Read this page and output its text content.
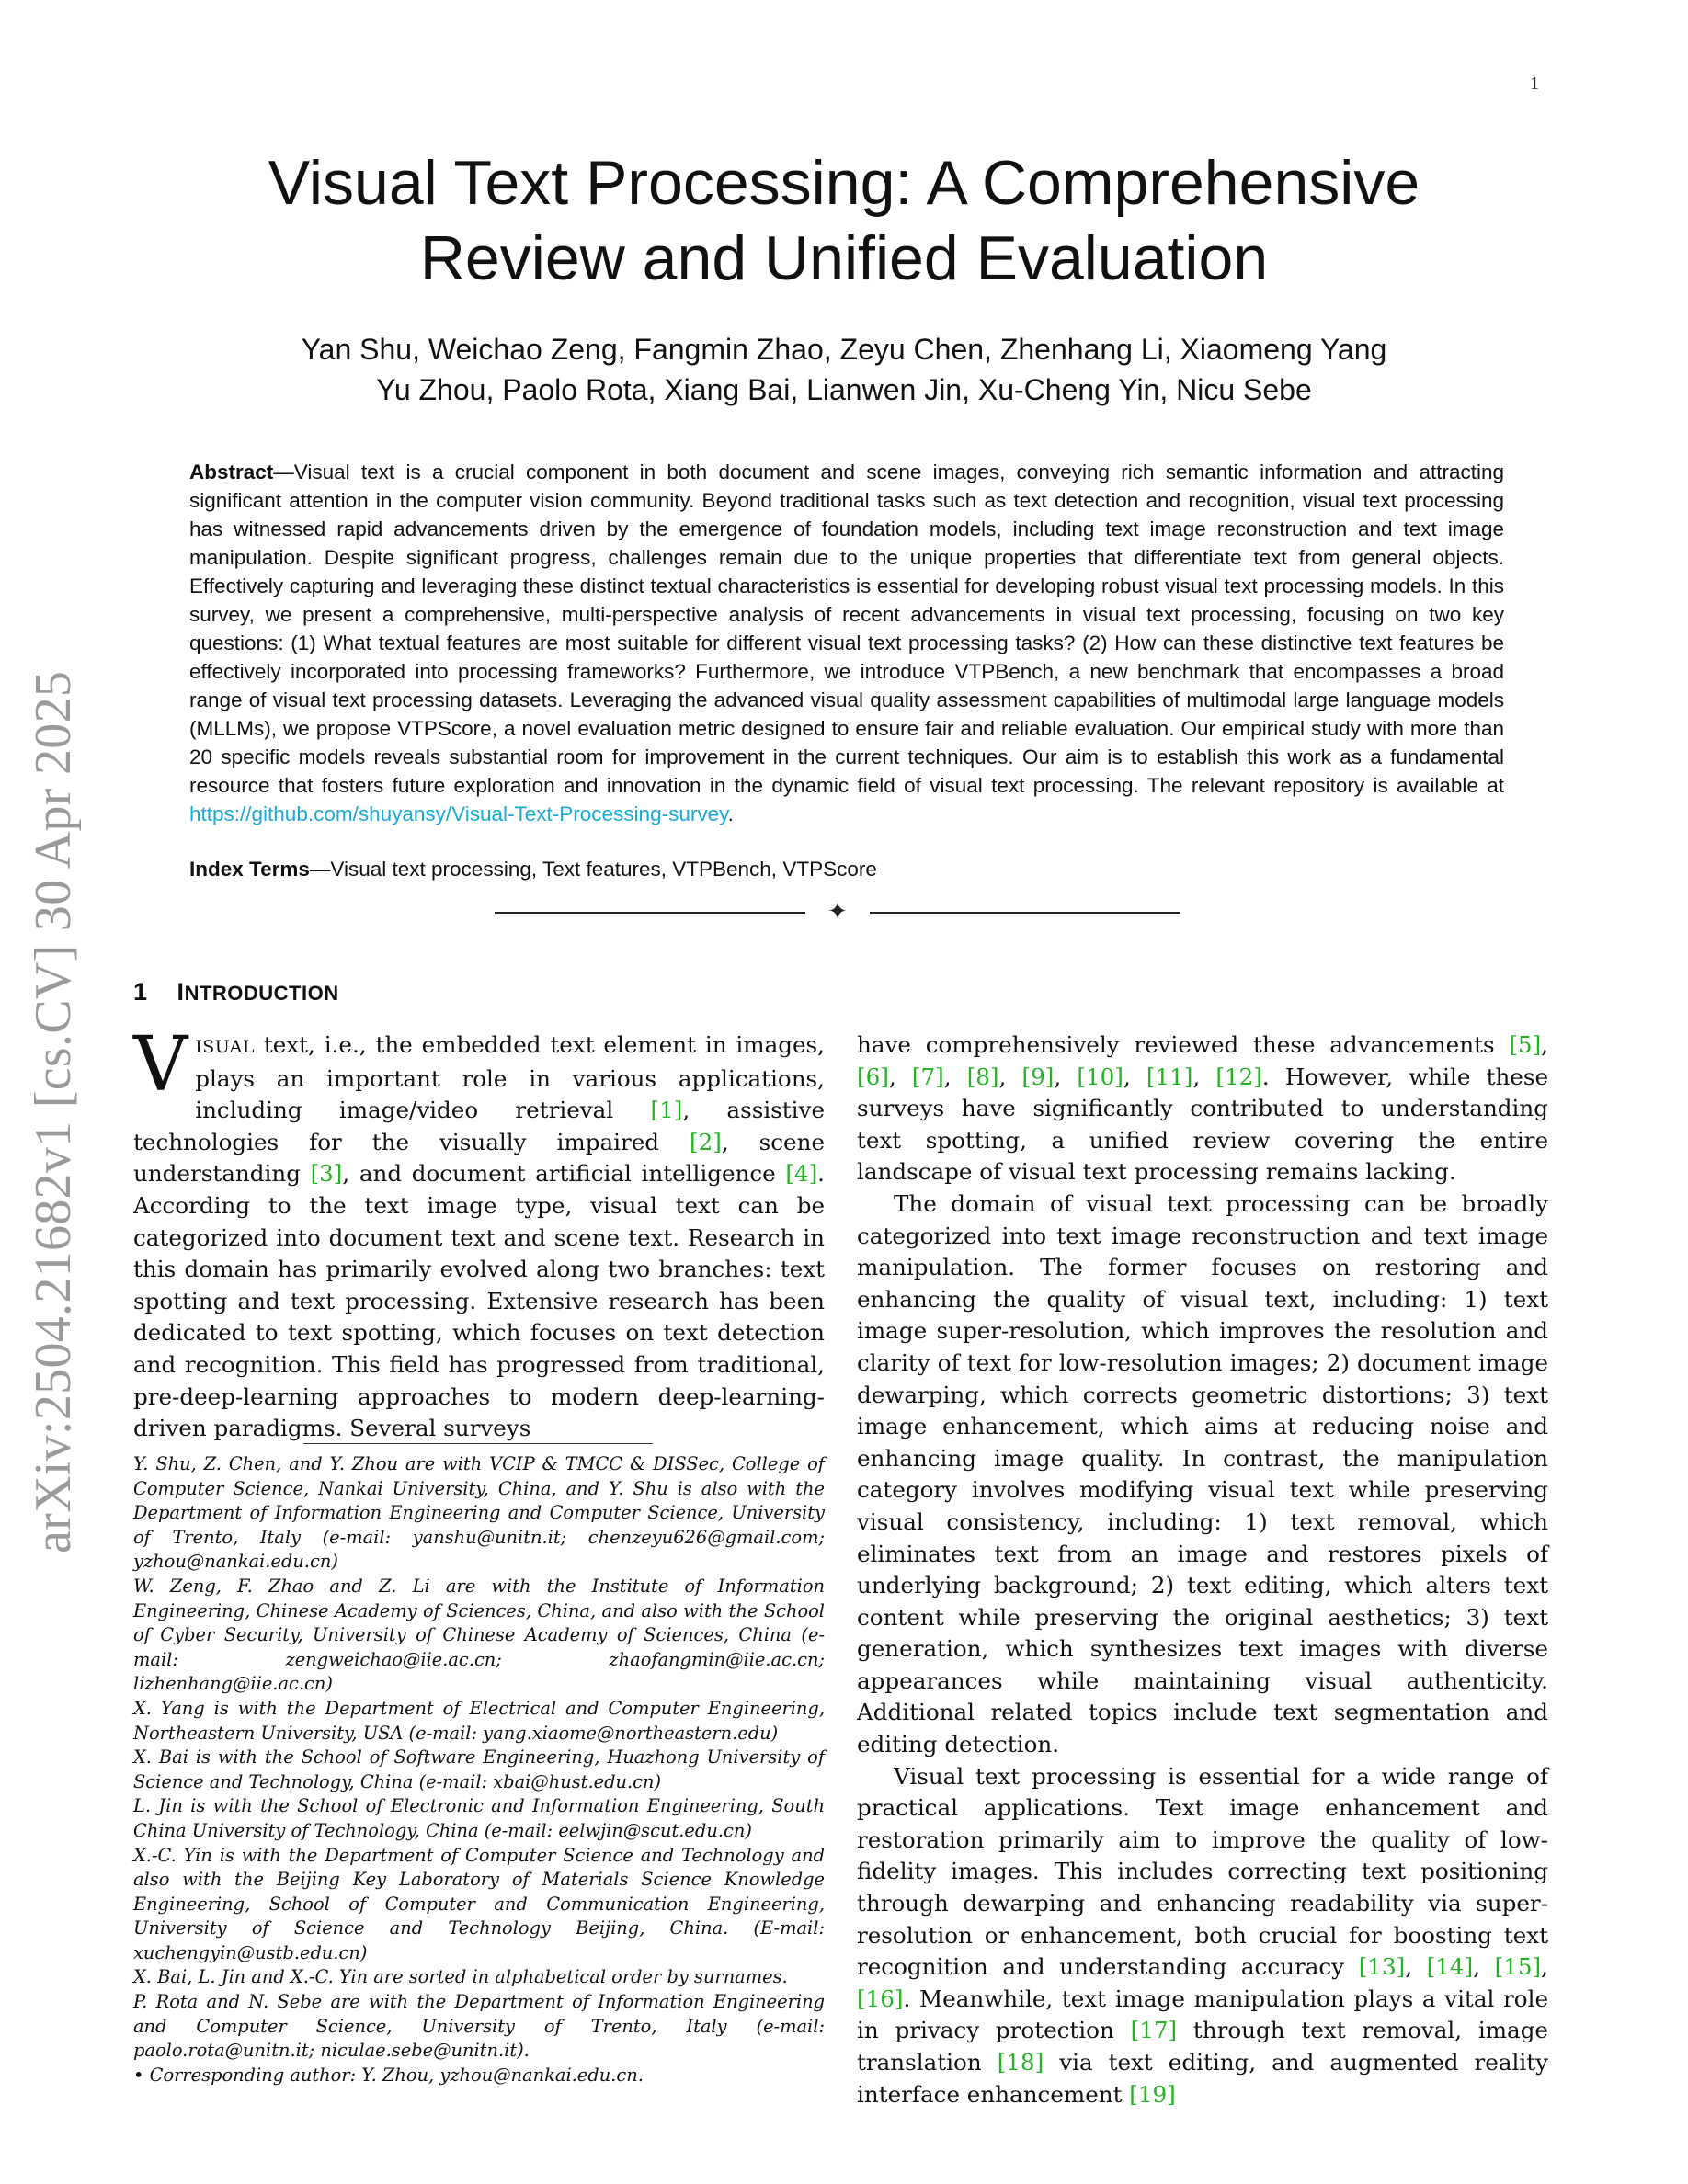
1
arXiv:2504.21682v1 [cs.CV] 30 Apr 2025
Visual Text Processing: A Comprehensive
Review and Unified Evaluation
Yan Shu, Weichao Zeng, Fangmin Zhao, Zeyu Chen, Zhenhang Li, Xiaomeng Yang
Yu Zhou, Paolo Rota, Xiang Bai, Lianwen Jin, Xu-Cheng Yin, Nicu Sebe

Abstract—Visual text is a crucial component in both document and scene images, conveying rich semantic information and attracting significant attention in the computer vision community. Beyond traditional tasks such as text detection and recognition, visual text processing has witnessed rapid advancements driven by the emergence of foundation models, including text image reconstruction and text image manipulation. Despite significant progress, challenges remain due to the unique properties that differentiate text from general objects. Effectively capturing and leveraging these distinct textual characteristics is essential for developing robust visual text processing models. In this survey, we present a comprehensive, multi-perspective analysis of recent advancements in visual text processing, focusing on two key questions: (1) What textual features are most suitable for different visual text processing tasks? (2) How can these distinctive text features be effectively incorporated into processing frameworks? Furthermore, we introduce VTPBench, a new benchmark that encompasses a broad range of visual text processing datasets. Leveraging the advanced visual quality assessment capabilities of multimodal large language models (MLLMs), we propose VTPScore, a novel evaluation metric designed to ensure fair and reliable evaluation. Our empirical study with more than 20 specific models reveals substantial room for improvement in the current techniques. Our aim is to establish this work as a fundamental resource that fosters future exploration and innovation in the dynamic field of visual text processing. The relevant repository is available at https://github.com/shuyansy/Visual-Text-Processing-survey.

Index Terms—Visual text processing, Text features, VTPBench, VTPScore
✦
1 INTRODUCTION

VISUAL text, i.e., the embedded text element in images, plays an important role in various applications, including image/video retrieval [1], assistive technologies for the visually impaired [2], scene understanding [3], and document artificial intelligence [4]. According to the text image type, visual text can be categorized into document text and scene text. Research in this domain has primarily evolved along two branches: text spotting and text processing. Extensive research has been dedicated to text spotting, which focuses on text detection and recognition. This field has progressed from traditional, pre-deep-learning approaches to modern deep-learning-driven paradigms. Several surveys

Y. Shu, Z. Chen, and Y. Zhou are with VCIP & TMCC & DISSec, College of Computer Science, Nankai University, China, and Y. Shu is also with the Department of Information Engineering and Computer Science, University of Trento, Italy (e-mail: yanshu@unitn.it; chenzeyu626@gmail.com; yzhou@nankai.edu.cn)

W. Zeng, F. Zhao and Z. Li are with the Institute of Information Engineering, Chinese Academy of Sciences, China, and also with the School of Cyber Security, University of Chinese Academy of Sciences, China (e-mail: zengweichao@iie.ac.cn; zhaofangmin@iie.ac.cn; lizhenhang@iie.ac.cn)

X. Yang is with the Department of Electrical and Computer Engineering, Northeastern University, USA (e-mail: yang.xiaome@northeastern.edu)

X. Bai is with the School of Software Engineering, Huazhong University of Science and Technology, China (e-mail: xbai@hust.edu.cn)

L. Jin is with the School of Electronic and Information Engineering, South China University of Technology, China (e-mail: eelwjin@scut.edu.cn)

X.-C. Yin is with the Department of Computer Science and Technology and also with the Beijing Key Laboratory of Materials Science Knowledge Engineering, School of Computer and Communication Engineering, University of Science and Technology Beijing, China. (E-mail: xuchengyin@ustb.edu.cn)

X. Bai, L. Jin and X.-C. Yin are sorted in alphabetical order by surnames.

P. Rota and N. Sebe are with the Department of Information Engineering and Computer Science, University of Trento, Italy (e-mail: paolo.rota@unitn.it; niculae.sebe@unitn.it).

• Corresponding author: Y. Zhou, yzhou@nankai.edu.cn.

have comprehensively reviewed these advancements [5], [6], [7], [8], [9], [10], [11], [12]. However, while these surveys have significantly contributed to understanding text spotting, a unified review covering the entire landscape of visual text processing remains lacking.

The domain of visual text processing can be broadly categorized into text image reconstruction and text image manipulation. The former focuses on restoring and enhancing the quality of visual text, including: 1) text image super-resolution, which improves the resolution and clarity of text for low-resolution images; 2) document image dewarping, which corrects geometric distortions; 3) text image enhancement, which aims at reducing noise and enhancing image quality. In contrast, the manipulation category involves modifying visual text while preserving visual consistency, including: 1) text removal, which eliminates text from an image and restores pixels of underlying background; 2) text editing, which alters text content while preserving the original aesthetics; 3) text generation, which synthesizes text images with diverse appearances while maintaining visual authenticity. Additional related topics include text segmentation and editing detection.

Visual text processing is essential for a wide range of practical applications. Text image enhancement and restoration primarily aim to improve the quality of low-fidelity images. This includes correcting text positioning through dewarping and enhancing readability via super-resolution or enhancement, both crucial for boosting text recognition and understanding accuracy [13], [14], [15], [16]. Meanwhile, text image manipulation plays a vital role in privacy protection [17] through text removal, image translation [18] via text editing, and augmented reality interface enhancement [19]
